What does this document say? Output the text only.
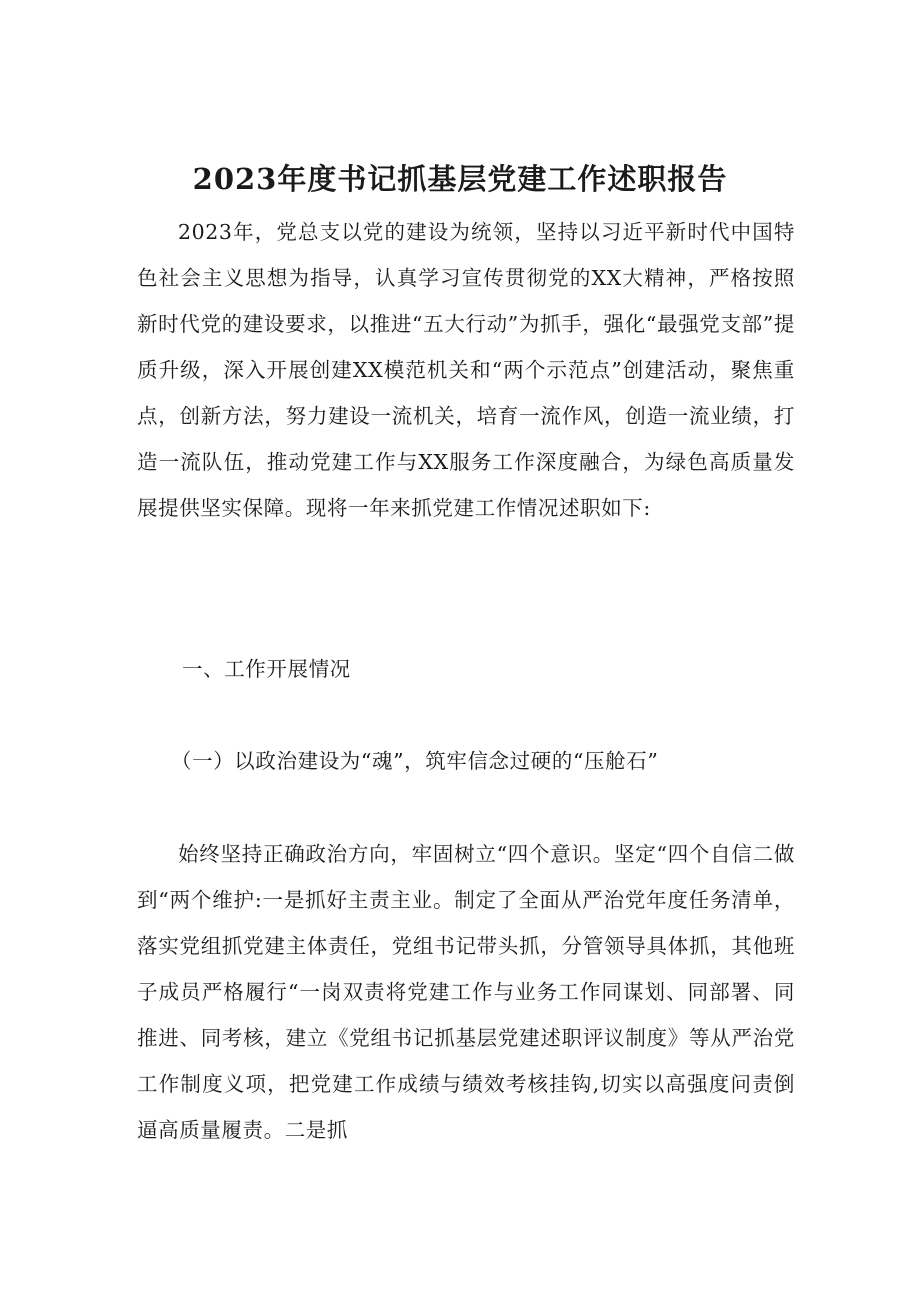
2023年度书记抓基层党建工作述职报告

2023年，党总支以党的建设为统领，坚持以习近平新时代中国特色社会主义思想为指导，认真学习宣传贯彻党的XX大精神，严格按照新时代党的建设要求，以推进“五大行动”为抓手，强化“最强党支部”提质升级，深入开展创建XX模范机关和“两个示范点”创建活动，聚焦重点，创新方法，努力建设一流机关，培育一流作风，创造一流业绩，打造一流队伍，推动党建工作与XX服务工作深度融合，为绿色高质量发展提供坚实保障。现将一年来抓党建工作情况述职如下:

一、工作开展情况

（一）以政治建设为“魂”，筑牢信念过硬的“压舱石”

始终坚持正确政治方向，牢固树立“四个意识。坚定“四个自信二做到“两个维护:一是抓好主责主业。制定了全面从严治党年度任务清单，落实党组抓党建主体责任，党组书记带头抓，分管领导具体抓，其他班子成员严格履行“一岗双责将党建工作与业务工作同谋划、同部署、同推进、同考核，建立《党组书记抓基层党建述职评议制度》等从严治党工作制度义项，把党建工作成绩与绩效考核挂钩,切实以高强度问责倒逼高质量履责。二是抓
